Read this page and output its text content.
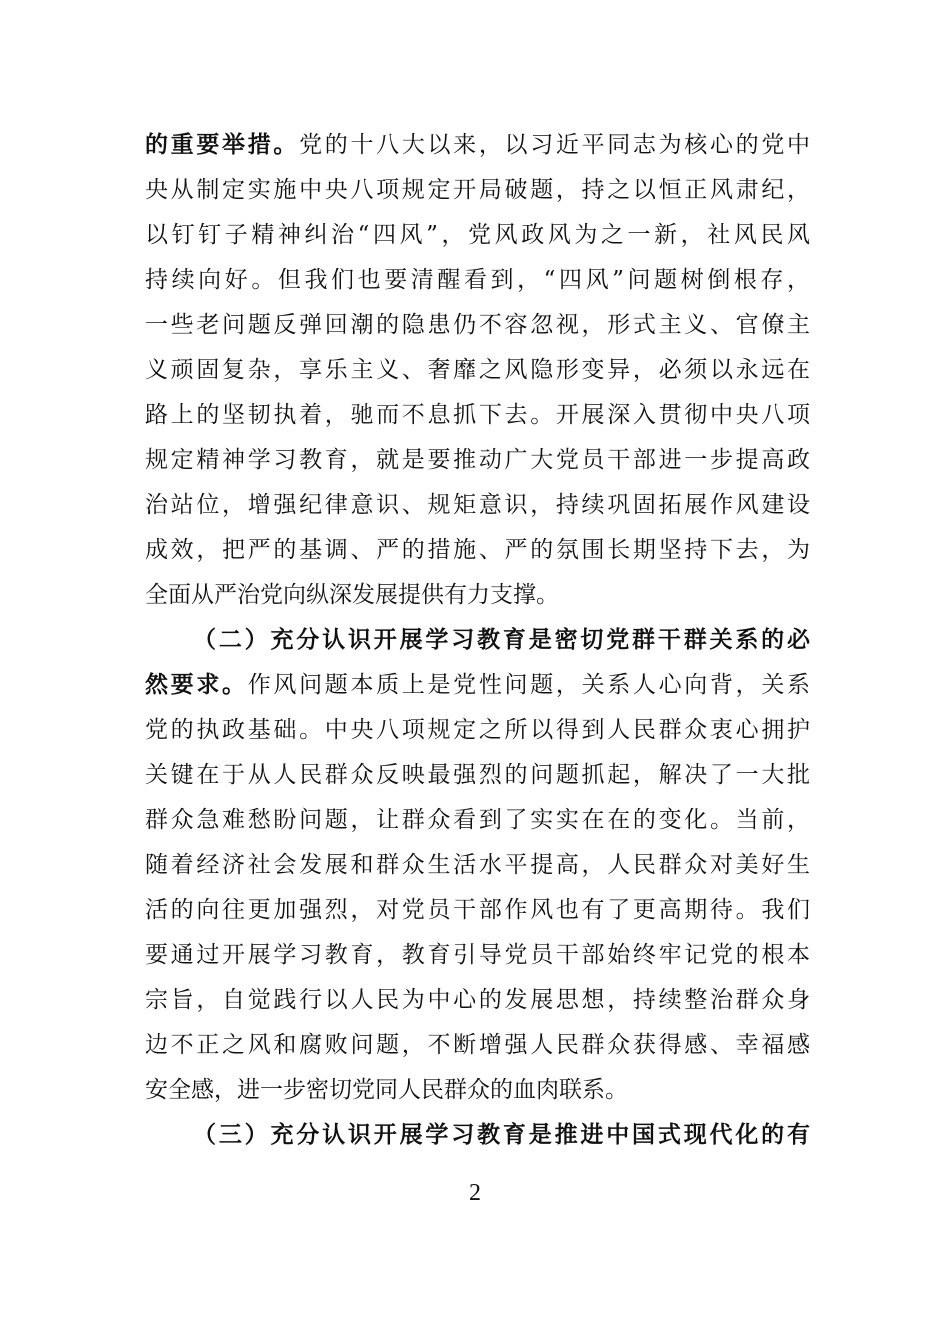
的重要举措。党的十八大以来，以习近平同志为核心的党中
央从制定实施中央八项规定开局破题，持之以恒正风肃纪，
以钉钉子精神纠治“四风”，党风政风为之一新，社风民风
持续向好。但我们也要清醒看到，“四风”问题树倒根存，
一些老问题反弹回潮的隐患仍不容忽视，形式主义、官僚主
义顽固复杂，享乐主义、奢靡之风隐形变异，必须以永远在
路上的坚韧执着，驰而不息抓下去。开展深入贯彻中央八项
规定精神学习教育，就是要推动广大党员干部进一步提高政
治站位，增强纪律意识、规矩意识，持续巩固拓展作风建设
成效，把严的基调、严的措施、严的氛围长期坚持下去，为
全面从严治党向纵深发展提供有力支撑。
（二）充分认识开展学习教育是密切党群干群关系的必
然要求。作风问题本质上是党性问题，关系人心向背，关系
党的执政基础。中央八项规定之所以得到人民群众衷心拥护
关键在于从人民群众反映最强烈的问题抓起，解决了一大批
群众急难愁盼问题，让群众看到了实实在在的变化。当前，
随着经济社会发展和群众生活水平提高，人民群众对美好生
活的向往更加强烈，对党员干部作风也有了更高期待。我们
要通过开展学习教育，教育引导党员干部始终牢记党的根本
宗旨，自觉践行以人民为中心的发展思想，持续整治群众身
边不正之风和腐败问题，不断增强人民群众获得感、幸福感
安全感，进一步密切党同人民群众的血肉联系。
（三）充分认识开展学习教育是推进中国式现代化的有
2
